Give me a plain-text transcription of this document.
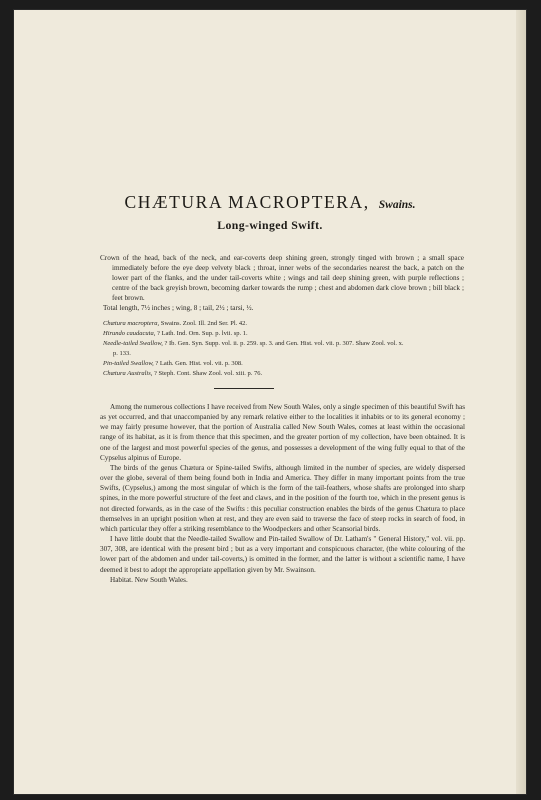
CHÆTURA MACROPTERA, Swains.
Long-winged Swift.
Crown of the head, back of the neck, and ear-coverts deep shining green, strongly tinged with brown ; a small space immediately before the eye deep velvety black ; throat, inner webs of the secondaries nearest the back, a patch on the lower part of the flanks, and the under tail-coverts white ; wings and tail deep shining green, with purple reflections ; centre of the back greyish brown, becoming darker towards the rump ; chest and abdomen dark clove brown ; bill black ; feet brown.
Total length, 7½ inches ; wing, 8 ; tail, 2½ ; tarsi, ½.
Chætura macroptera, Swains. Zool. Ill. 2nd Ser. Pl. 42.
Hirundo caudacuta, ? Lath. Ind. Orn. Sup. p. lvii. sp. 1.
Needle-tailed Swallow, ? Ib. Gen. Syn. Supp. vol. ii. p. 259. sp. 3. and Gen. Hist. vol. vii. p. 307. Shaw Zool. vol. x.
p. 133.
Pin-tailed Swallow, ? Lath. Gen. Hist. vol. vii. p. 308.
Chætura Australis, ? Steph. Cont. Shaw Zool. vol. xiii. p. 76.

Among the numerous collections I have received from New South Wales, only a single specimen of this beautiful Swift has as yet occurred, and that unaccompanied by any remark relative either to the localities it inhabits or to its general economy ; we may fairly presume however, that the portion of Australia called New South Wales, comes at least within the occasional range of its habitat, as it is from thence that this specimen, and the greater portion of my collection, have been obtained. It is one of the largest and most powerful species of the genus, and possesses a development of the wing fully equal to that of the Cypselus alpinus of Europe.

The birds of the genus Chætura or Spine-tailed Swifts, although limited in the number of species, are widely dispersed over the globe, several of them being found both in India and America. They differ in many important points from the true Swifts, (Cypselus,) among the most singular of which is the form of the tail-feathers, whose shafts are prolonged into sharp spines, in the more powerful structure of the feet and claws, and in the position of the fourth toe, which in the present genus is not directed forwards, as in the case of the Swifts : this peculiar construction enables the birds of the genus Chætura to place themselves in an upright position when at rest, and they are even said to traverse the face of steep rocks in search of food, in which particular they offer a striking resemblance to the Woodpeckers and other Scansorial birds.

I have little doubt that the Needle-tailed Swallow and Pin-tailed Swallow of Dr. Latham's " General History," vol. vii. pp. 307, 308, are identical with the present bird ; but as a very important and conspicuous character, (the white colouring of the lower part of the abdomen and under tail-coverts,) is omitted in the former, and the latter is without a scientific name, I have deemed it best to adopt the appropriate appellation given by Mr. Swainson.

Habitat. New South Wales.
